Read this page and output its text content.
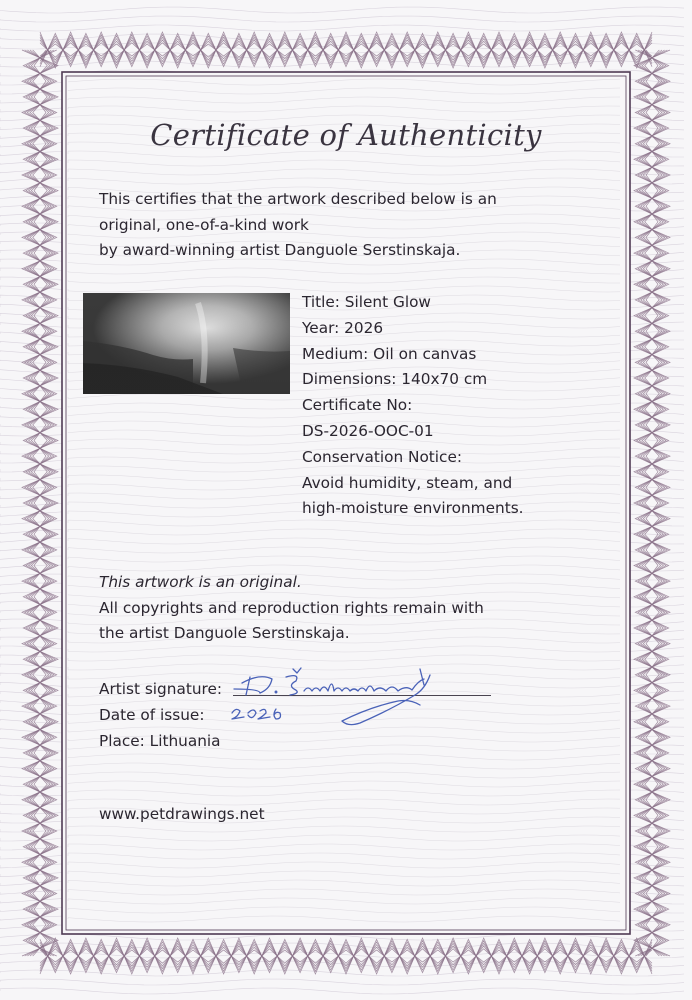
Certificate of Authenticity
This certifies that the artwork described below is an
original, one-of-a-kind work
by award-winning artist Danguole Serstinskaja.
Title: Silent Glow
Year: 2026
Medium: Oil on canvas
Dimensions: 140x70 cm
Certificate No:
DS-2026-OOC-01
Conservation Notice:
Avoid humidity, steam, and
high-moisture environments.
This artwork is an original.
All copyrights and reproduction rights remain with
the artist Danguole Serstinskaja.
Artist signature:
Date of issue:
Place: Lithuania
www.petdrawings.net
